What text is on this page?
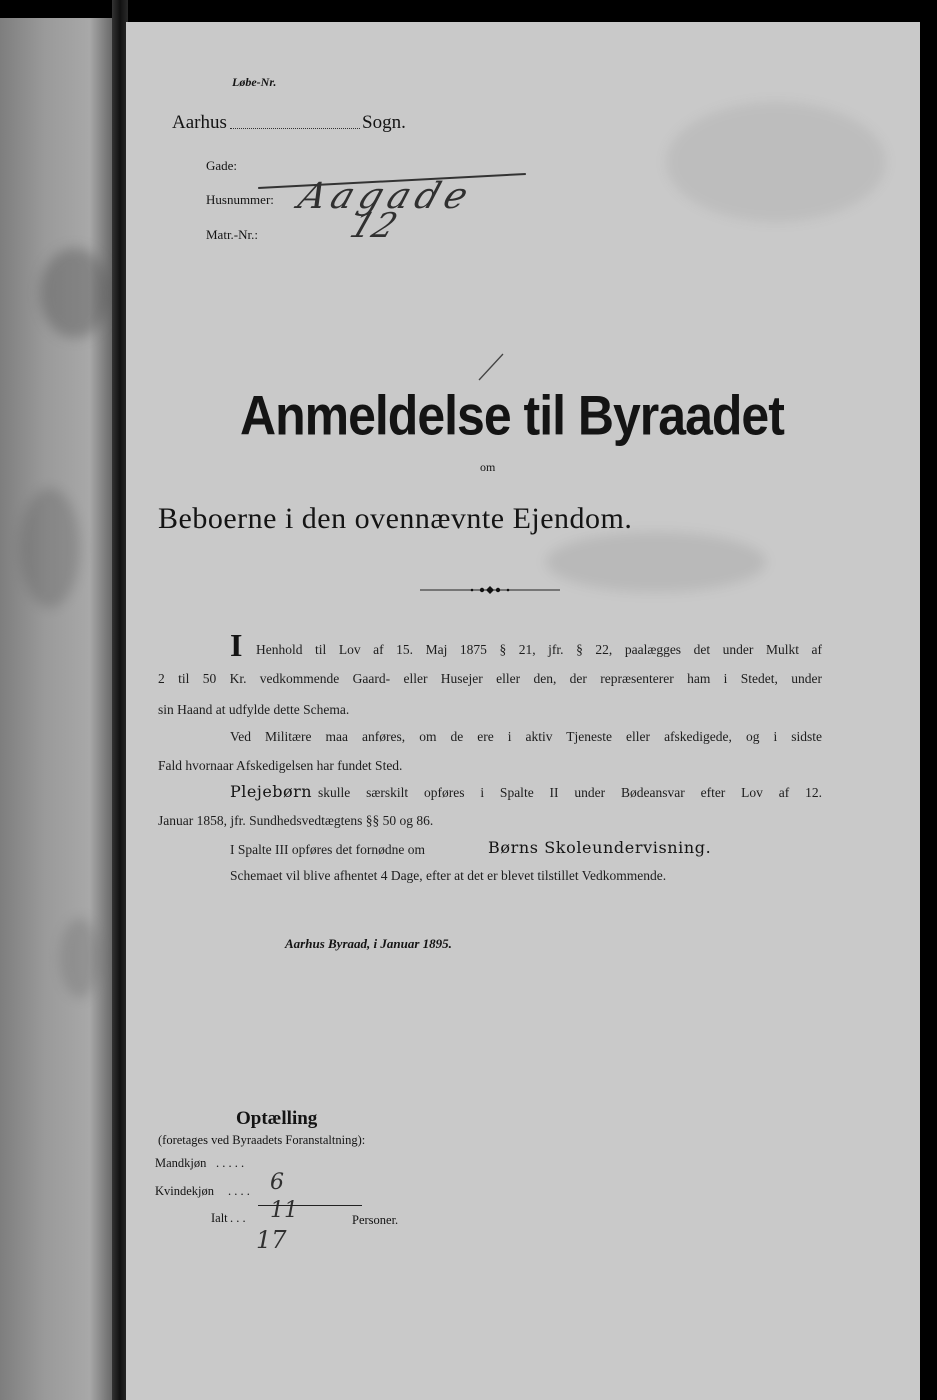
Løbe-Nr.

Aarhus	Sogn.

Gade:

Aagade

Husnummer:

12

Matr.-Nr.:

Anmeldelse til Byraadet

om

Beboerne i den ovennævnte Ejendom.

I Henhold til Lov af 15. Maj 1875 § 21, jfr. § 22, paalægges det under Mulkt af

2 til 50 Kr. vedkommende Gaard- eller Husejer eller den, der repræsenterer ham i Stedet, under

sin Haand at udfylde dette Schema.

Ved Militære maa anføres, om de ere i aktiv Tjeneste eller afskedigede, og i sidste

Fald hvornaar Afskedigelsen har fundet Sted.

Plejebørn skulle særskilt opføres i Spalte II under Bødeansvar efter Lov af 12.

Januar 1858, jfr. Sundhedsvedtægtens §§ 50 og 86.

I Spalte III opføres det fornødne om	Børns Skoleundervisning.

Schemaet vil blive afhentet 4 Dage, efter at det er blevet tilstillet Vedkommende.

Aarhus Byraad, i Januar 1895.

Optælling

(foretages ved Byraadets Foranstaltning):

Mandkjøn . . . . .

6

Kvindekjøn . . . .

11

Ialt . . .

17

Personer.
